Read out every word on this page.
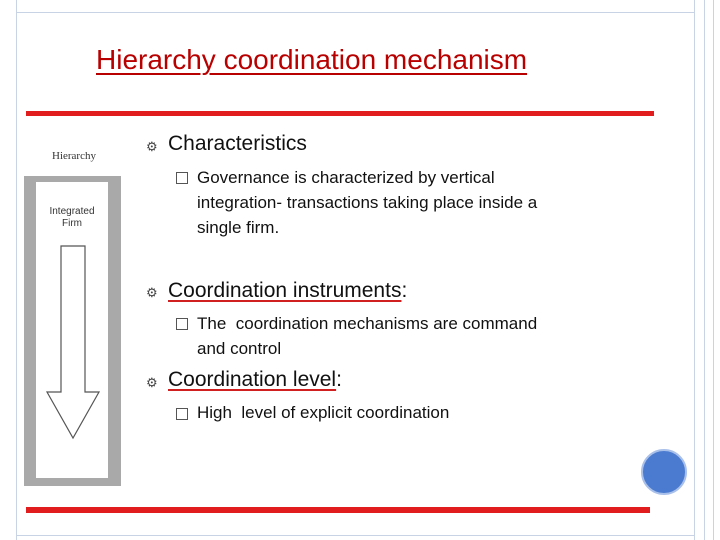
Hierarchy coordination mechanism
Hierarchy
Integrated
Firm
⚙ Characteristics
Governance is characterized by vertical
integration- transactions taking place inside a
single firm.
⚙ Coordination instruments:
The  coordination mechanisms are command
and control
⚙ Coordination level:
High  level of explicit coordination
